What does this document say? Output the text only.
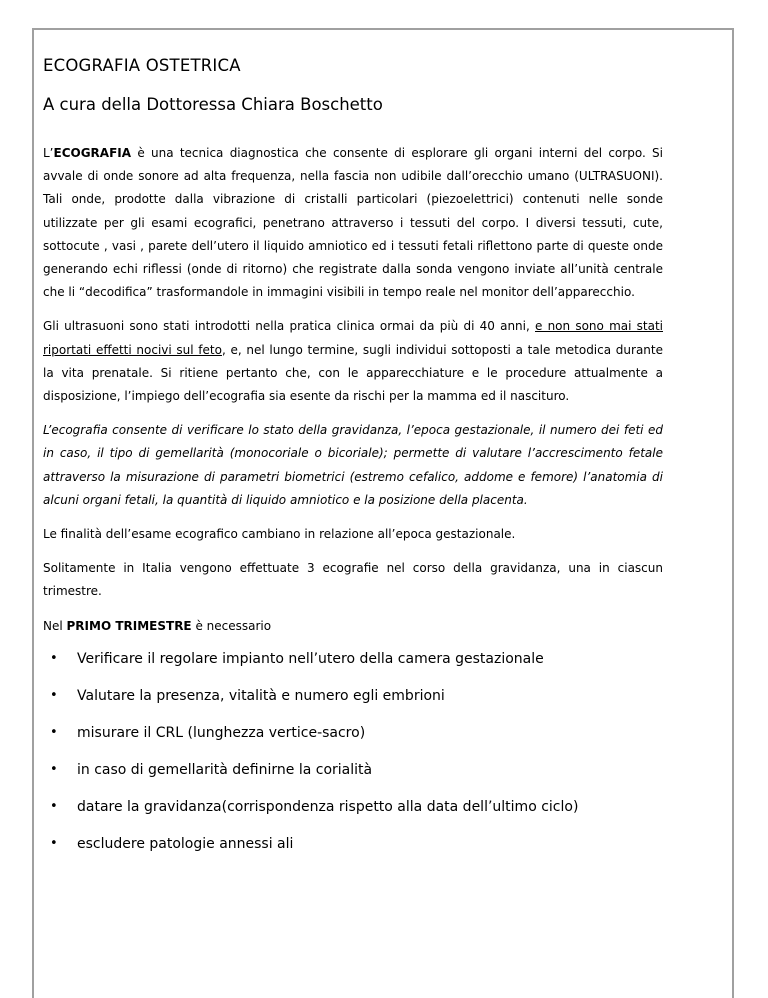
ECOGRAFIA OSTETRICA
A cura della Dottoressa Chiara Boschetto

L’ECOGRAFIA è una tecnica diagnostica che consente di esplorare gli organi interni del corpo. Si avvale di onde sonore ad alta frequenza, nella fascia non udibile dall’orecchio umano (ULTRASUONI). Tali onde, prodotte dalla vibrazione di cristalli particolari (piezoelettrici) contenuti nelle sonde utilizzate per gli esami ecografici, penetrano attraverso i tessuti del corpo. I diversi tessuti, cute, sottocute , vasi , parete dell’utero il liquido amniotico ed i tessuti fetali riflettono parte di queste onde generando echi riflessi (onde di ritorno) che registrate dalla sonda vengono inviate all’unità centrale che li “decodifica” trasformandole in immagini visibili in tempo reale nel monitor dell’apparecchio.

Gli ultrasuoni sono stati introdotti nella pratica clinica ormai da più di 40 anni, e non sono mai stati riportati effetti nocivi sul feto, e, nel lungo termine, sugli individui sottoposti a tale metodica durante la vita prenatale. Si ritiene pertanto che, con le apparecchiature e le procedure attualmente a disposizione, l’impiego dell’ecografia sia esente da rischi per la mamma ed il nascituro.

L’ecografia consente di verificare lo stato della gravidanza, l’epoca gestazionale, il numero dei feti ed in caso, il tipo di gemellarità (monocoriale o bicoriale); permette di valutare l’accrescimento fetale attraverso la misurazione di parametri biometrici (estremo cefalico, addome e femore) l’anatomia di alcuni organi fetali, la quantità di liquido amniotico e la posizione della placenta.

Le finalità dell’esame ecografico cambiano in relazione all’epoca gestazionale.

Solitamente in Italia vengono effettuate 3 ecografie nel corso della gravidanza, una in ciascun trimestre.

Nel PRIMO TRIMESTRE è necessario

• Verificare il regolare impianto nell’utero della camera gestazionale
• Valutare la presenza, vitalità e numero egli embrioni
• misurare il CRL (lunghezza vertice-sacro)
• in caso di gemellarità definirne la corialità
• datare la gravidanza(corrispondenza rispetto alla data dell’ultimo ciclo)
• escludere patologie annessi ali
